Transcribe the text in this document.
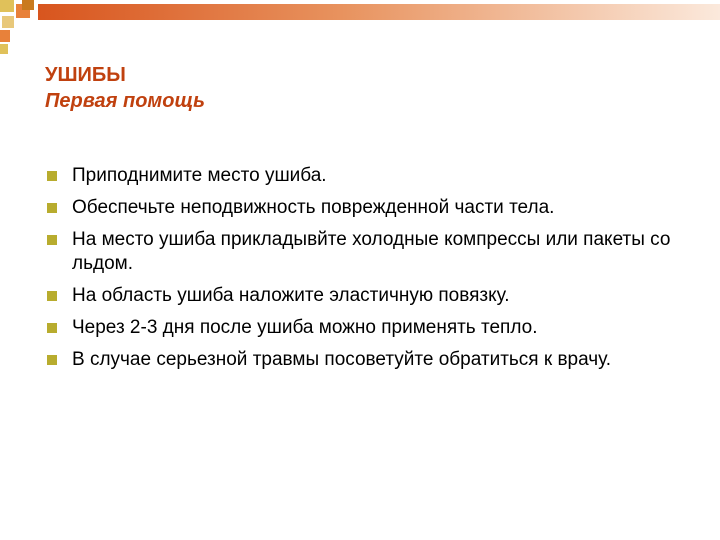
УШИБЫ

Первая помощь

Приподнимите место ушиба.
Обеспечьте неподвижность поврежденной части тела.
На место ушиба прикладывйте холодные компрессы или пакеты со льдом.
На область ушиба наложите эластичную повязку.
Через 2-3 дня после ушиба можно применять тепло.
В случае серьезной травмы посоветуйте обратиться к врачу.
